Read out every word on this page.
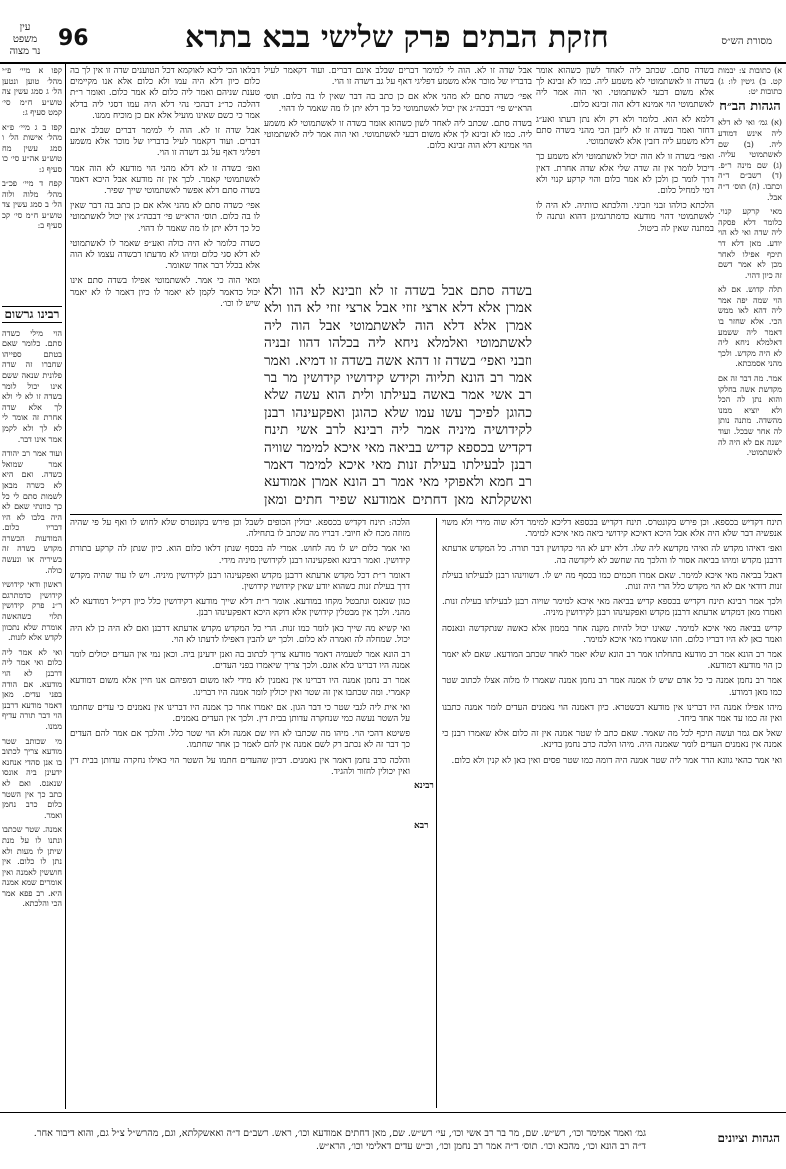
עין משפט
נר מצוה
96	חזקת הבתים פרק שלישי בבא בתרא	מסורת הש״ס

קפו א מיי׳ פ״י מהל׳ טוען ונטען הל׳ ג סמג עשין צה טוש״ע ח״מ סי׳ קמט סעיף ג:

קפז ב ג מיי׳ פ״א מהל׳ אישות הל׳ ו סמג עשין מח טוש״ע אה״ע סי׳ כו סעיף ג:

קפח ד מיי׳ פכ״ב מהל׳ מלוה ולוה הל׳ ב סמג עשין צד טוש״ע ח״מ סי׳ קכ סעיף ב:

רבינו גרשום

הוי מילי כשדה סתם. כלומר שאם בטתם ספייהו שחברו זה שדה פלונית שנאה ששם אינו יכול לומר בשדה זו לא לי ולא לך אלא שדה אחרת זה אומר לי לא לך ולא לקמן אמר אינו דבר.

ועוד אמר רב יהודה אמר שמואל כשדה. ואם היא לא כשרה מבאן לשמות סתם לי כל כך כוונתי שאם לא היה בלבו לא היו דבריו כלום. המודעות הכשרה מקדש בשדה זה בשיריה או ונעשה כולה.

ראשון ודאי קידושיו קידושין כדמתרגם ר״נ פרק קידושין תלוי כשהאשה אומרת שלא נתכוון לקדש אלא לזנות.

ואי לא אמר ליה כלום ואי אמר ליה דרבנן לא הוי מודעא. אם הודה בפני עדים. מאן דאמר מודעא דרבנן הוי דבר תורה עדיף ממנו.

מי שכותב שטר מודעא צריך לכתוב בו אנן סהדי אנחנא ידעינן ביה אונסו שנאנס. ואם לא כתב כך אין השטר כלום כרב נחמן ואמר.

אמנה. שטר שכתבו ונתנו לו על מנת שיתן לו מעות ולא נתן לו כלום. אין חוששין לאמנה ואין אומרים שמא אמנה היא. רב פפא אמר הכי והלכתא.

דבלאו הכי ליכא לאוקמא דכל הטוענים שדה זו אין לך בה כלום כיון דלא היה עמו ולא כלום אלא אנו מקיימים טענת שניהם ואמר ליה כלום לא אמר כלום. ואומר ר״ת דהלכה כר״נ דבהכי נהי דלא היה עמו דסגי ליה בדלא אמר כי כשם שאינו מועיל אלא אם כן מוכיח ממנו.

אבל שדה זו לא. הוה לי למימר דברים שבלב אינם דברים. ועוד דקאמר לעיל בדבריו של מוכר אלא משמע דפליגי דאף על גב דשדה זו הוי.

ואפ׳ כשדה זו לא דלא מהני הוי מודעא לא הוה אמר לאשתמוטי קאמר. לכך אין זה מודעא אבל היכא דאמר בשדה סתם דלא אפשר לאשתמוטי שייך שפיר.

אפי׳ כשדה סתם לא מהני אלא אם כן כתב בה דבר שאין לו בה כלום. תוס׳ הרא״ש פי׳ דבכה״ג אין יכול לאשתמוטי כל כך דלא יתן לו מה שאמר לו דהוי.

כשדה כלומר לא היה כולה ואע״פ שאמר לו לאשתמוטי לא דלא סגי כלום ומיהו לא מדעתו דבשדה עצמו לא הוה אלא בכלל דבר אחד שאומר.

ומאי הוה כי אמר. לאשתמוטי אפילו בשדה סתם אינו יכול כדאמר לקמן לא יאמר לו כיון דאמר לו לא יאמר שיש לו וכו׳.

אבל שדה זו לא. הוה לי למימר דברים שבלב אינם דברים. ועוד דקאמר לעיל בדבריו של מוכר אלא משמע דפליגי דאף על גב דשדה זו הוי.

אפי׳ כשדה סתם לא מהני אלא אם כן כתב בה דבר שאין לו בה כלום. תוס׳ הרא״ש פי׳ דבכה״ג אין יכול לאשתמוטי כל כך דלא יתן לו מה שאמר לו דהוי.

בשדה סתם. שכתב ליה לאחד לשון כשהוא אומר בשדה זו לאשתמוטי לא משמע ליה. כמו לא זבינא לך אלא משום דבעי לאשתמוטי. ואי הוה אמר ליה לאשתמוטי הוי אמינא דלא הוה זבינא כלום.

בשדה סתם אבל בשדה זו לא וזבינא לא הוו ולא אמרן אלא דלא ארצי זוזי אבל ארצי זוזי לא הוו ולא אמרן אלא דלא הוה לאשתמוטי אבל הוה ליה לאשתמוטי ואלמלא ניחא ליה בכלהו דהוו זבניה וזבני ואפי׳ בשדה זו דהא אשה בשדה זו דמיא. ואמר אמר רב הונא תליוה וקידש קידושיו קידושין מר בר רב אשי אמר באשה בעילתו ולית הוא עשה שלא כהוגן לפיכך עשו עמו שלא כהוגן ואפקעינהו רבנן לקידושיה מיניה אמר ליה רבינא לרב אשי תינח דקדיש בכספא קדיש בביאה מאי איכא למימר שוויה רבנן לבעילתו בעילת זנות מאי איכא למימר דאמר רב חמא ולאפוקי מאי אמר רב הונא אמרן אמודעא ואשקלתא מאן דחתים אמודעא שפיר חתים ומאן

בשדה סתם. שכתב ליה לאחד לשון כשהוא אומר בשדה זו לאשתמוטי לא משמע ליה. כמו לא זבינא לך אלא משום דבעי לאשתמוטי. ואי הוה אמר ליה לאשתמוטי הוי אמינא דלא הוה זבינא כלום.

דלמא לא הוא. כלומר ולא דק ולא נתן דעתו ואע״ג דחזר ואמר בשדה זו לא ליזבן הכי מהני בשדה סתם דלא משמע ליה דזבין אלא לאשתמוטי.

ואפי׳ בשדה זו לא הוה יכול לאשתמוטי ולא משמע כך דיכול לומר אין זה שדה שלי אלא שדה אחרת. דאין דרך לומר כן ולכן לא אמר כלום והוי קרקע קנוי ולא דמי למחיל כלום.

הלכתא כולהו זבני וזביני. והלכתא כוותיה. לא היה לו לאשתמוטי דהוי מודעא כדמתרגמינן דהוא ונתנה לו במתנה שאין לה ביטול.

א) כתובות צ: יבמות קט. ב) גיטין לו: ג) כתובות יט:

הגהות הב״ח

(א) גמ׳ ואי לא דלא ליה אינש דמודע ליה. (ב) שם לאשתמוטי עליה. (ג) שם מינה ר״פ. (ד) רשב״ם ד״ה וכתבו. (ה) תוס׳ ד״ה אבל.

מאי קרקע קנוי. כלומר דלא פסקה ליה שדה ואי לא הוי יודע. מאן דלא דר תיכף אפילו לאחר מכן לא אמר דשם זה כיון דהוי.

תלה קדוש. אם לא הוי שמה יפה אמר ליה דהא לאו ממש הכי. אלא שחזר בו דאמר ליה ששמע דאלמלא ניחא ליה לא היה מקדש. ולכך מהני אסמכתא.

אמר. מה דבר זה אם מקדשת אשה בחלקו והוא נתן לה הכל ולא יוציא ממנו מהשדה. מתנה נותן לה אחר שבכל. ועוד ישנה אם לא היה לה לאשתמוטי.

הלכה: תינח דקדיש בכספא. יבולין הכופים לשבל וכן פירש בקונטרס שלא לחוש לו ואף על פי שהיה מזוזה מכח לא חיובי. דבריו מה שכתב לו בתחילה.

ואי אמר כלום יש לו מה לחוש. אמרי לה בכסף שנתן דלאו כלום הוא. כיון שנתן לה קרקע בתורת קידושין. ואמר רבינא ואפקעינהו רבנן לקידושין מיניה מידי.

דאומר ר״ת דכל מקדש אדעתא דרבנן מקדש ואפקעינהו רבנן לקידושין מיניה. ויש לו עוד שהיה מקדש דרך בעילת זנות כשהוא יודע שאין קידושיו קידושין.

כגון שנאנס ונתבטל מקחו במודעא. אומר ר״ת דלא שייך מודעא דקידושין כלל כיון דקי״ל דמודעא לא מהני. ולכך אין מבטלין קידושין אלא דוקא היכא דאפקעינהו רבנן.

ואי קשיא מה שייך כאן לומר כמו זנות. הרי כל המקדש מקדש אדעתא דרבנן ואם לא היה כן לא היה יכול. שמחלה לה ואמרה לא כלום. ולכך יש להבין דאפילו לדעתו לא הוי.

רב הונא אמר לטעמיה דאמר מודעא צריך לכתוב בה ואנן ידעינן ביה. וכאן נמי אין העדים יכולים לומר אמנה היו דברינו בלא אונס. ולכך צריך שיאמרו בפני העדים.

אמר רב נחמן אמנה היו דברינו אין נאמנין לא מידי לאו משום דמפיהם אנו חיין אלא משום דמודעא קאמרי. ומה שכתבו אין זה שטר ואין יכולין לומר אמנה היו דברינו.

ואי אית ליה לגבי שטר כי דבר הגון. אם יאמרו אחר כך אמנה היו דברינו אין נאמנים כי עדים שחתמו על השטר נעשה כמי שנחקרה עדותן בבית דין. ולכך אין העדים נאמנים.

פשיטא דהכי הוי. מיהו מה שכתבו לא היו שם אמנה ולא הוי שטר כלל. והלכך אם אמר להם העדים כך דבר זה לא נכתב רק לשם אמנה אין להם לאמר כן אחר שחתמו.

והלכה כרב נחמן דאמר אין נאמנים. דכיון שהעדים חתמו על השטר הוי כאילו נחקרה עדותן בבית דין ואין יכולין לחזור ולהגיד.

רבינא

תינח דקדיש בכספא. וכן פירש בקונטרס. תינח דקדיש בכספא דליכא למימר דלא שוה מידי ולא משוי אנפשיה דבר שלא היה אלא אבל היכא דאיכא קידושי ביאה מאי איכא למימר.

ואפ׳ דאיהו מקדש לה ואיהי מקדשא ליה שלו. דלא ידע לא הוי כקדושין דבר תורה. כל המקדש אדעתא דרבנן מקדש ומיהו בביאה אסור לו והלכך מה שחשב לא ליקדשה בה.

דאבל בביאה מאי איכא למימר. שאם אמרו חכמים כמו בכסף מה יש לו. דשווינהו רבנן לבעילתו בעילת זנות דודאי אם לא הוי מקדש כלל הרי היה זנות.

ולכך אמר רבינא תינח דקדיש בכספא קדיש בביאה מאי איכא למימר שויוה רבנן לבעילתו בעילת זנות. ואמרו מאן דמקדש אדעתא דרבנן מקדש ואפקעינהו רבנן לקידושין מיניה.

קדיש בביאה מאי איכא למימר. שאינו יכול להיות מקנה אחר בממון אלא כאשה שנתקדשה ונאנסה ואמר כאן לא היו דבריו כלום. וזהו שאמרו מאי איכא למימר.

אמר רב הונא אמר רב מודעא בתחלתו אמר רב הונא שלא יאמר לאחר שכתב המודעא. שאם לא יאמר כן הוי מודעא דמודעא.

אמר רב נחמן אמנה כי כל אדם שיש לו אמנה אמר רב נחמן אמנה שאמרו לו מלוה אצלו לכתוב שטר כמו מאן דמודע.

מיהו אפילו אמנה היו דברינו אין מודעא דבשטרא. כיון דאמנה הוי נאמנים העדים לומר אמנה כתבנו ואין זה כמו עד אמר אחד ביחד.

שאל אם גמר ועשה תיכף לכל מה שאמר. שאם כתב לו שטר אמנה אין זה כלום אלא שאמרו רבנן כי אמנה אין נאמנים העדים לומר שאמנה היה. מיהו הלכה כרב נחמן בדינא.

ואי אמר כהאי גוונא הדר אמר ליה שטר אמנה היה דומה כמו שטר פסים ואין כאן לא קנין ולא כלום.

רבא
הגהות וציונים
גמ׳ ואמר אמימר וכו׳, רש״ש. שם, מר בר רב אשי וכו׳, עי׳ רש״ש. שם, מאן דחתים אמודעא וכו׳, ראש. רשב״ם ד״ה ואאשקלתא, וגם, מהרש״ל צ״ל גם, והוא דיבור אחר. ד״ה רב הונא וכו׳, מהכא וכו׳. תוס׳ ד״ה אמר רב נחמן וכו׳, וכ״ש עדים דאלימי וכו׳, הרא״ש.
